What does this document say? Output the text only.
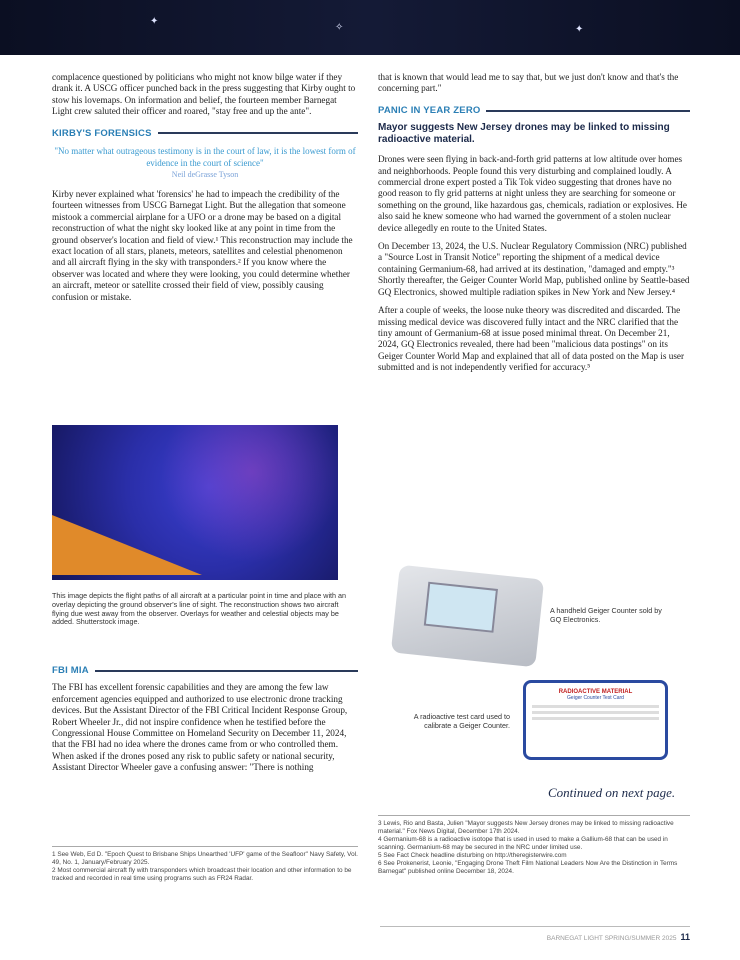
✦
✧	✦

complacence questioned by politicians who might not know bilge water if they drank it. A USCG officer punched back in the press suggesting that Kirby ought to stow his lovemaps. On information and belief, the fourteen member Barnegat Light crew saluted their officer and roared, "stay free and up the ante".

KIRBY'S FORENSICS
"No matter what outrageous testimony is in the court of law, it is the lowest form of evidence in the court of science"
Neil deGrasse Tyson

Kirby never explained what 'forensics' he had to impeach the credibility of the fourteen witnesses from USCG Barnegat Light. But the allegation that someone mistook a commercial airplane for a UFO or a drone may be based on a digital reconstruction of what the night sky looked like at any point in time from the ground observer's location and field of view.¹ This reconstruction may include the exact location of all stars, planets, meteors, satellites and celestial phenomenon and all aircraft flying in the sky with transponders.² If you know where the observer was located and where they were looking, you could determine whether an aircraft, meteor or satellite crossed their field of view, possibly causing confusion or mistake.

This image depicts the flight paths of all aircraft at a particular point in time and place with an overlay depicting the ground observer's line of sight. The reconstruction shows two aircraft flying due west away from the observer. Overlays for weather and celestial objects may be added. Shutterstock image.
FBI MIA

The FBI has excellent forensic capabilities and they are among the few law enforcement agencies equipped and authorized to use electronic drone tracking devices. But the Assistant Director of the FBI Critical Incident Response Group, Robert Wheeler Jr., did not inspire confidence when he testified before the Congressional House Committee on Homeland Security on December 11, 2024, that the FBI had no idea where the drones came from or who controlled them. When asked if the drones posed any risk to public safety or national security, Assistant Director Wheeler gave a confusing answer: "There is nothing

1 See Web, Ed D. "Epoch Quest to Brisbane Ships Unearthed 'UFP' game of the Seafloor" Navy Safety, Vol. 49, No. 1, January/February 2025.
2 Most commercial aircraft fly with transponders which broadcast their location and other information to be tracked and recorded in real time using programs such as FR24 Radar.

that is known that would lead me to say that, but we just don't know and that's the concerning part."

PANIC IN YEAR ZERO
Mayor suggests New Jersey drones may be linked to missing radioactive material.

Drones were seen flying in back-and-forth grid patterns at low altitude over homes and neighborhoods. People found this very disturbing and complained loudly. A commercial drone expert posted a Tik Tok video suggesting that drones have no good reason to fly grid patterns at night unless they are searching for someone or something on the ground, like hazardous gas, chemicals, radiation or explosives. He also said he knew someone who had warned the government of a stolen nuclear device allegedly en route to the United States.

On December 13, 2024, the U.S. Nuclear Regulatory Commission (NRC) published a "Source Lost in Transit Notice" reporting the shipment of a medical device containing Germanium-68, had arrived at its destination, "damaged and empty."³ Shortly thereafter, the Geiger Counter World Map, published online by Seattle-based GQ Electronics, showed multiple radiation spikes in New York and New Jersey.⁴

After a couple of weeks, the loose nuke theory was discredited and discarded. The missing medical device was discovered fully intact and the NRC clarified that the tiny amount of Germanium-68 at issue posed minimal threat. On December 21, 2024, GQ Electronics revealed, there had been "malicious data postings" on its Geiger Counter World Map and explained that all of data posted on the Map is user submitted and is not independently verified for accuracy.⁵

A handheld Geiger Counter sold by GQ Electronics.
RADIOACTIVE MATERIAL
Geiger Counter Test Card
A radioactive test card used to calibrate a Geiger Counter.
Continued on next page.
3 Lewis, Rio and Basta, Julien "Mayor suggests New Jersey drones may be linked to missing radioactive material." Fox News Digital, December 17th 2024.
4 Germanium-68 is a radioactive isotope that is used in used to make a Gallium-68 that can be used in scanning. Germanium-68 may be secured in the NRC under limited use.
5 See Fact Check headline disturbing on http://theregisterwire.com
6 See Prokenerist, Leonie, "Engaging Drone Theft Film National Leaders Now Are the Distinction in Terms Barnegat" published online December 18, 2024.
BARNEGAT LIGHT SPRING/SUMMER 2025 11
